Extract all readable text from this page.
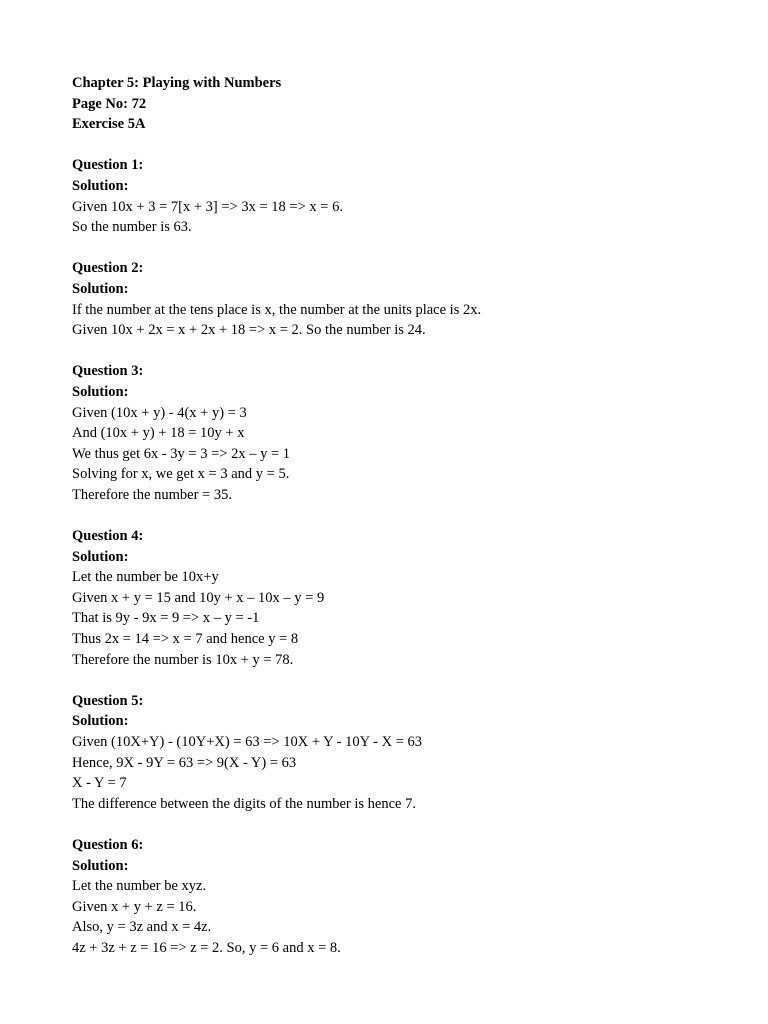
Chapter 5: Playing with Numbers
Page No: 72
Exercise 5A
Question 1:
Solution:
Given 10x + 3 = 7[x + 3] => 3x = 18 => x = 6.
So the number is 63.
Question 2:
Solution:
If the number at the tens place is x, the number at the units place is 2x.
Given 10x + 2x = x + 2x + 18 => x = 2. So the number is 24.
Question 3:
Solution:
Given (10x + y) - 4(x + y) = 3
And (10x + y) + 18 = 10y + x
We thus get 6x - 3y = 3 => 2x – y = 1
Solving for x, we get x = 3 and y = 5.
Therefore the number = 35.
Question 4:
Solution:
Let the number be 10x+y
Given x + y = 15 and 10y + x – 10x – y = 9
That is 9y - 9x = 9 => x – y = -1
Thus 2x = 14 => x = 7 and hence y = 8
Therefore the number is 10x + y = 78.
Question 5:
Solution:
Given (10X+Y) - (10Y+X) = 63 => 10X + Y - 10Y - X = 63
Hence, 9X - 9Y = 63 => 9(X - Y) = 63
X - Y = 7
The difference between the digits of the number is hence 7.
Question 6:
Solution:
Let the number be xyz.
Given x + y + z = 16.
Also, y = 3z and x = 4z.
4z + 3z + z = 16 => z = 2. So, y = 6 and x = 8.
